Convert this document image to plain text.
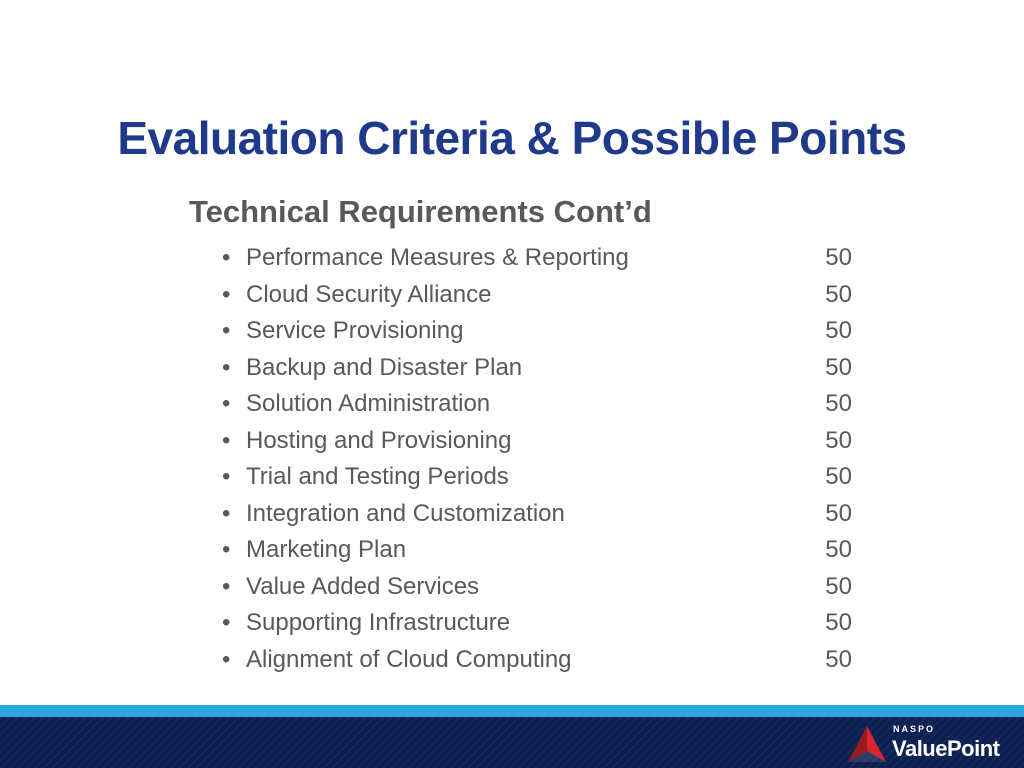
Evaluation Criteria & Possible Points
Technical Requirements Cont’d
• Performance Measures & Reporting	50
• Cloud Security Alliance	50
• Service Provisioning	50
• Backup and Disaster Plan	50
• Solution Administration	50
• Hosting and Provisioning	50
• Trial and Testing Periods	50
• Integration and Customization	50
• Marketing Plan	50
• Value Added Services	50
• Supporting Infrastructure	50
• Alignment of Cloud Computing	50
NASPO
ValuePoint
